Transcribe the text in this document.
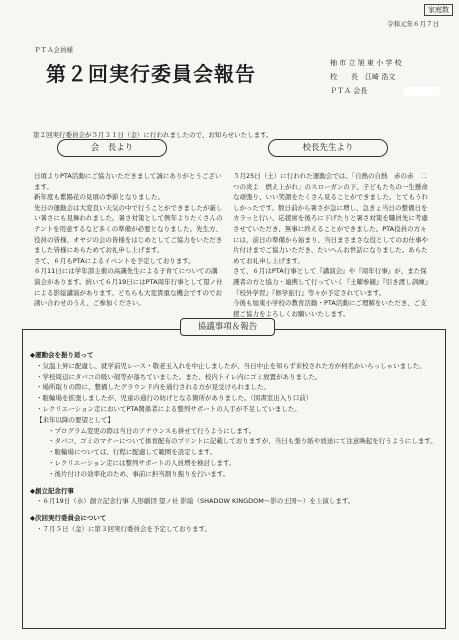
家庭数
令和元年６月７日
ＰＴＡ会員様
第２回実行委員会報告	柚 市 立 旭 東 小 学 校
校　　長　江崎 浩文
ＰＴＡ 会長
第２回実行委員会が５月３１日（金）に行われましたので、お知らせいたします。
会　長より	校長先生より

日頃よりPTA活動にご協力いただきまして誠にありがとうございます。

新年度も紫陽花の見頃の季節となりました。

先日の運動会は大変良い天気の中で行うことができましたが厳しい暑さにも見舞われました。暑さ対策として例年よりたくさんのテントを用意するなど多くの準備が必要となりました。先生方、役員の皆様、オヤジの会の皆様をはじめとしてご協力をいただきました皆様にあらためてお礼申し上げます。

さて、６月もPTAによるイベントを予定しております。

６月11日には学年部主催の高識先生による子育てについての講演会があります。続いて６月19日にはPTA周年行事として望ノ社による影絵講演があります。どちらも大変貴重な機会ですのでお誘い合わせのうえ、ご参加ください。

５月25日（土）に行われた運動会では、「自熱の自熱　赤の赤　二つの炎よ　燃え上がれ」のスローガンの下、子どもたちの一生懸命な頑張り、いい笑顔をたくさん見ることができました。とてもうれしかったです。数日前から暑さが急に増し、急きょ当日の整備日をカラッと行い、応援席を後ろに下げたりと暑さ対策を職員先に考慮させていただき、無事に終えることができました。PTA役員の方々には、前日の準備から始まり、当日まさまさな役としてのお仕事や片付けまでご協力いただき、たいへんお世話になりました。あらためてお礼申し上げます。

さて、６月はPTA行事として『講演会』や『周年行事』が、また保護者の方と協力・連携して行っていく『土曜参観』『引き渡し訓練』『校外学習』『修学旅行』等々が予定されています。

今後も旭東小学校の教育活動・PTA活動にご理解をいただき、ご支援ご協力をよろしくお願いいたします。

協議事項＆報告
◆運動会を振り返って
・気温上昇に配慮し、就学前児レース・敬老玉入れを中止しましたが、当日中止を知らず来校された方が何名かいらっしゃいました。
・学校周辺にタバコの吸い殻等が落ちていました。また、校内トイレ内にゴミ放置がありました。
・場所取りの際に、整備したグラウンド内を通行される方が見受けられました。
・駐輪場を拡張しましたが、児童の通行の妨げとなる箇所がありました。（図書室出入り口前）
・レクリエーション走においてPTA関係者による整列サポートの人手が不足していました。
【来年以降の要望として】
・プログラム変更の際は当日のアナウンスも併せて行うようにします。
・タバコ、ゴミのマナーについて体育配布のプリントに記載しておりますが、当日も張り紙や放送にて注意喚起を行うようにします。
・駐輪場については、行程に配慮して範囲を設定します。
・レクリエーション走には整列サポートの人員増を検討します。
・後片付けの効率化のため、事前に担当割り振りを行います。
◆創立記念行事
・６月19日（水）創立記念行事 人形劇団 望ノ社 影絵（SHADOW KINGDOM～影の王国～）を上演します。
◆次回実行委員会について
・７月５日（金）に第３回実行委員会を予定しております。
